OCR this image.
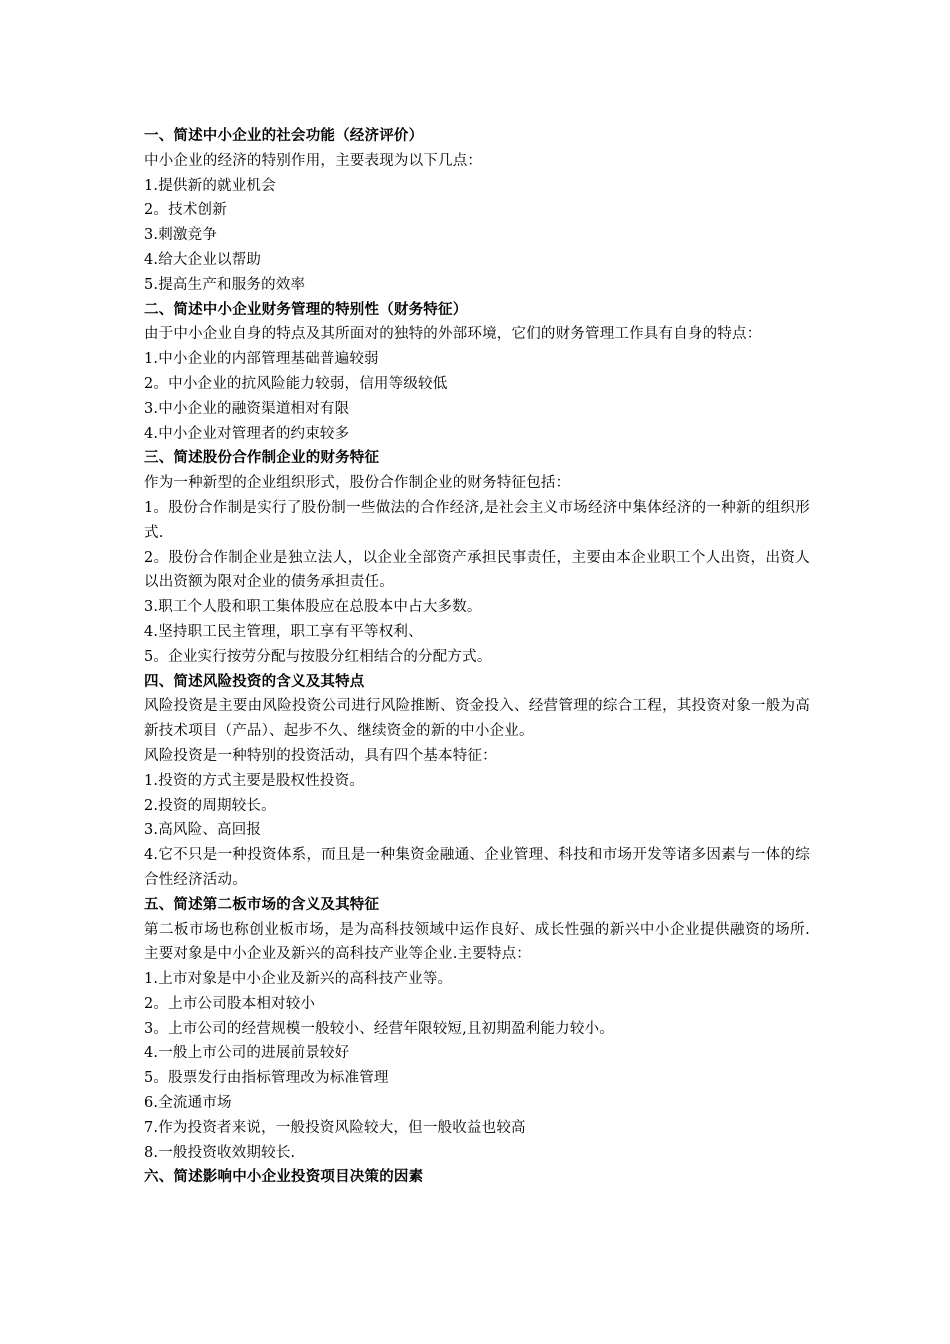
一、简述中小企业的社会功能（经济评价）
中小企业的经济的特别作用，主要表现为以下几点：
1.提供新的就业机会
2。技术创新
3.刺激竞争
4.给大企业以帮助
5.提高生产和服务的效率
二、简述中小企业财务管理的特别性（财务特征）
由于中小企业自身的特点及其所面对的独特的外部环境，它们的财务管理工作具有自身的特点：
1.中小企业的内部管理基础普遍较弱
2。中小企业的抗风险能力较弱，信用等级较低
3.中小企业的融资渠道相对有限
4.中小企业对管理者的约束较多
三、简述股份合作制企业的财务特征
作为一种新型的企业组织形式，股份合作制企业的财务特征包括：
1。股份合作制是实行了股份制一些做法的合作经济,是社会主义市场经济中集体经济的一种新的组织形式.
2。股份合作制企业是独立法人，以企业全部资产承担民事责任，主要由本企业职工个人出资，出资人以出资额为限对企业的债务承担责任。
3.职工个人股和职工集体股应在总股本中占大多数。
4.坚持职工民主管理，职工享有平等权利、
5。企业实行按劳分配与按股分红相结合的分配方式。
四、简述风险投资的含义及其特点
风险投资是主要由风险投资公司进行风险推断、资金投入、经营管理的综合工程，其投资对象一般为高新技术项目（产品）、起步不久、继续资金的新的中小企业。
风险投资是一种特别的投资活动，具有四个基本特征：
1.投资的方式主要是股权性投资。
2.投资的周期较长。
3.高风险、高回报
4.它不只是一种投资体系，而且是一种集资金融通、企业管理、科技和市场开发等诸多因素与一体的综合性经济活动。
五、简述第二板市场的含义及其特征
第二板市场也称创业板市场，是为高科技领域中运作良好、成长性强的新兴中小企业提供融资的场所.主要对象是中小企业及新兴的高科技产业等企业.主要特点：
1.上市对象是中小企业及新兴的高科技产业等。
2。上市公司股本相对较小
3。上市公司的经营规模一般较小、经营年限较短,且初期盈利能力较小。
4.一般上市公司的进展前景较好
5。股票发行由指标管理改为标准管理
6.全流通市场
7.作为投资者来说，一般投资风险较大，但一般收益也较高
8.一般投资收效期较长.
六、简述影响中小企业投资项目决策的因素
